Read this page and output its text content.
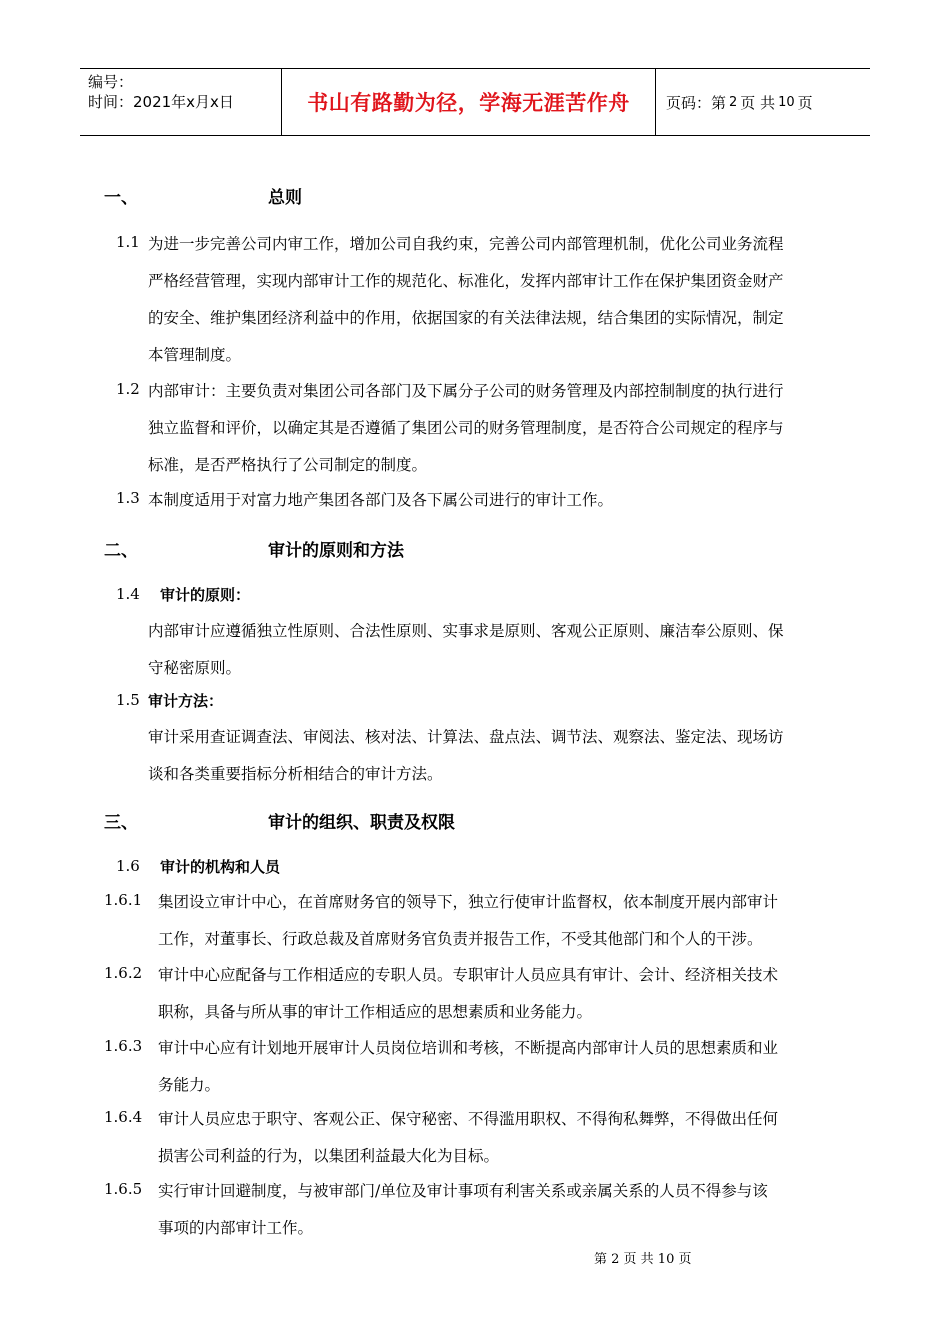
编号：
时间：2021年x月x日	书山有路勤为径，学海无涯苦作舟	页码：第 2 页 共 10 页
一、	总则
1.1 为进一步完善公司内审工作，增加公司自我约束，完善公司内部管理机制，优化公司业务流程
严格经营管理，实现内部审计工作的规范化、标准化，发挥内部审计工作在保护集团资金财产
的安全、维护集团经济利益中的作用，依据国家的有关法律法规，结合集团的实际情况，制定
本管理制度。
1.2 内部审计：主要负责对集团公司各部门及下属分子公司的财务管理及内部控制制度的执行进行
独立监督和评价，以确定其是否遵循了集团公司的财务管理制度，是否符合公司规定的程序与
标准，是否严格执行了公司制定的制度。
1.3 本制度适用于对富力地产集团各部门及各下属公司进行的审计工作。
二、	审计的原则和方法
1.4 审计的原则：
内部审计应遵循独立性原则、合法性原则、实事求是原则、客观公正原则、廉洁奉公原则、保
守秘密原则。
1.5 审计方法：
审计采用查证调查法、审阅法、核对法、计算法、盘点法、调节法、观察法、鉴定法、现场访
谈和各类重要指标分析相结合的审计方法。
三、	审计的组织、职责及权限
1.6 审计的机构和人员
1.6.1 集团设立审计中心，在首席财务官的领导下，独立行使审计监督权，依本制度开展内部审计
工作，对董事长、行政总裁及首席财务官负责并报告工作，不受其他部门和个人的干涉。
1.6.2 审计中心应配备与工作相适应的专职人员。专职审计人员应具有审计、会计、经济相关技术
职称，具备与所从事的审计工作相适应的思想素质和业务能力。
1.6.3 审计中心应有计划地开展审计人员岗位培训和考核，不断提高内部审计人员的思想素质和业
务能力。
1.6.4 审计人员应忠于职守、客观公正、保守秘密、不得滥用职权、不得徇私舞弊，不得做出任何
损害公司利益的行为，以集团利益最大化为目标。
1.6.5 实行审计回避制度，与被审部门/单位及审计事项有利害关系或亲属关系的人员不得参与该
事项的内部审计工作。
第 2 页 共 10 页
